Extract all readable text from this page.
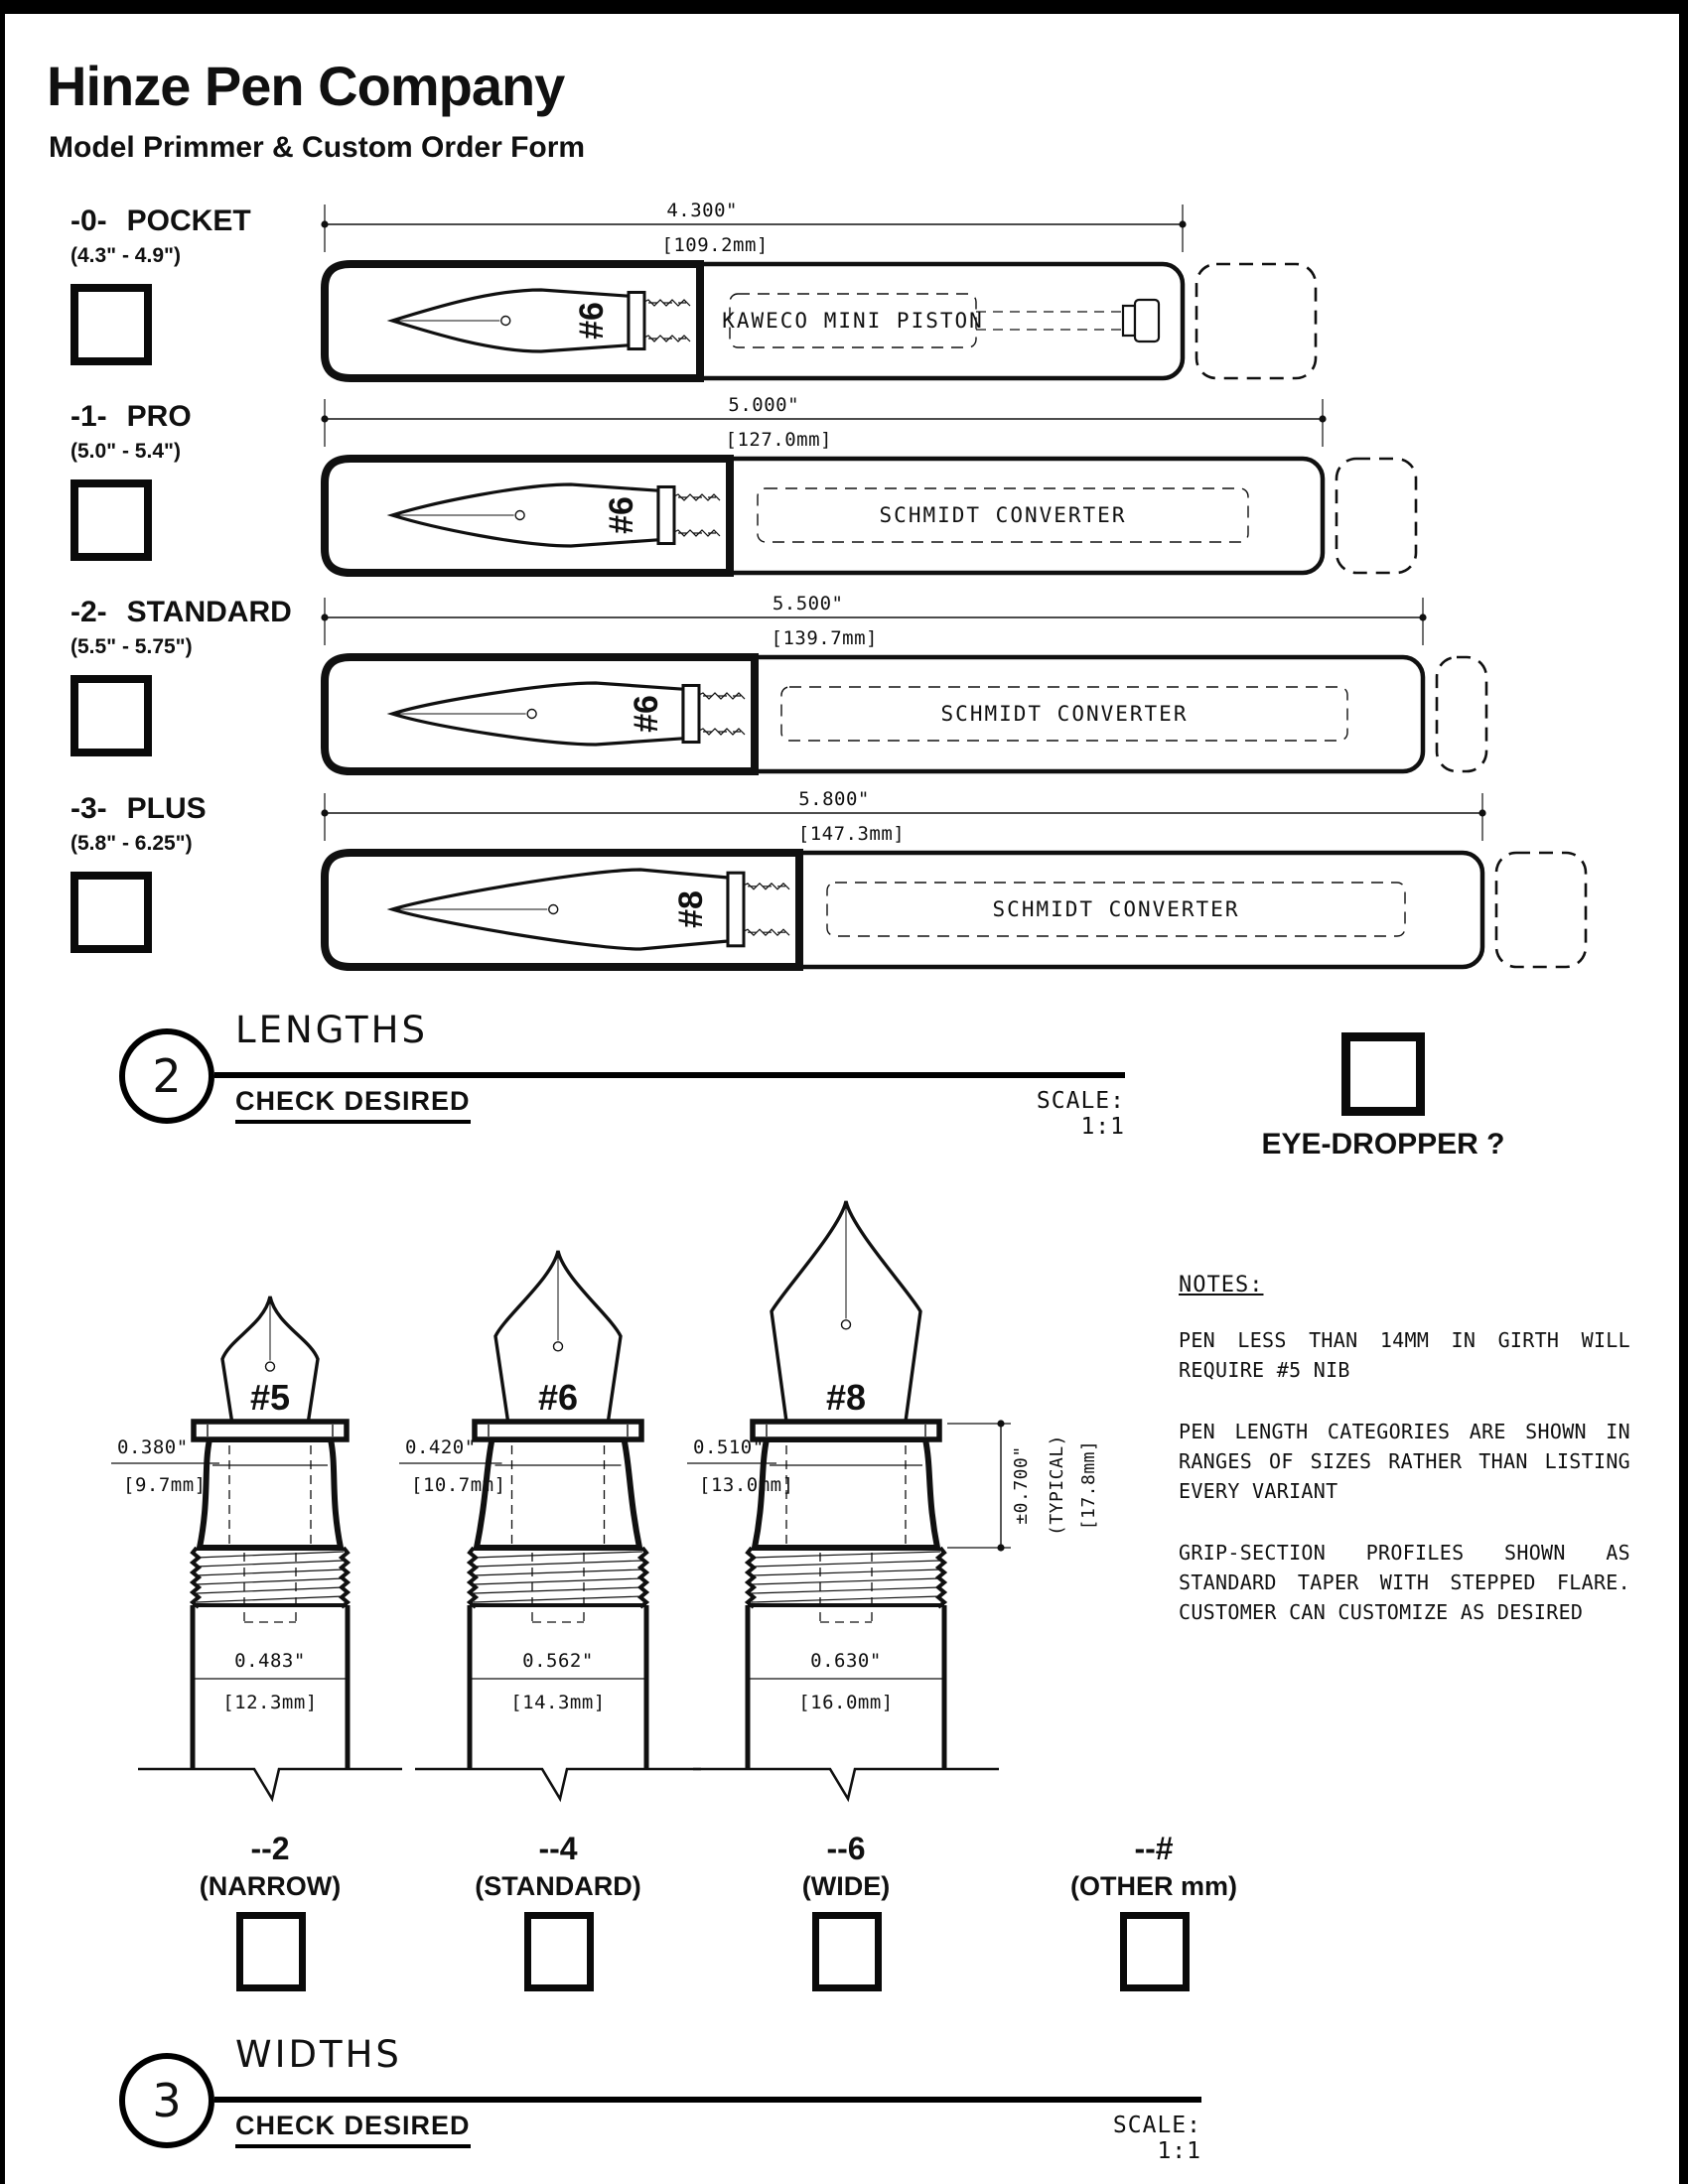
Hinze Pen Company
Model Primmer & Custom Order Form
-0- POCKET
(4.3" - 4.9")
-1- PRO
(5.0" - 5.4")
-2- STANDARD
(5.5" - 5.75")
-3- PLUS
(5.8" - 6.25")
2
LENGTHS
CHECK DESIRED	SCALE: 1:1
EYE-DROPPER ?
--2
(NARROW)
--4
(STANDARD)
--6
(WIDE)
--#
(OTHER mm)
NOTES:

PEN LESS THAN 14MM IN GIRTH WILL REQUIRE #5 NIB

PEN LENGTH CATEGORIES ARE SHOWN IN RANGES OF SIZES RATHER THAN LISTING EVERY VARIANT

GRIP-SECTION PROFILES SHOWN AS STANDARD TAPER WITH STEPPED FLARE. CUSTOMER CAN CUSTOMIZE AS DESIRED

3
WIDTHS
CHECK DESIRED	SCALE: 1:1
4.300"
[109.2mm]
KAWECO MINI PISTON
#6
5.000"
[127.0mm]
SCHMIDT CONVERTER
#6
5.500"
[139.7mm]
SCHMIDT CONVERTER
#6
5.800"
[147.3mm]
SCHMIDT CONVERTER
#8
#5
0.483"
[12.3mm]
0.380"
[9.7mm]
#6
0.562"
[14.3mm]
0.420"
[10.7mm]
#8
0.630"
[16.0mm]
0.510"
[13.0mm]	±0.700" (TYPICAL) [17.8mm]
